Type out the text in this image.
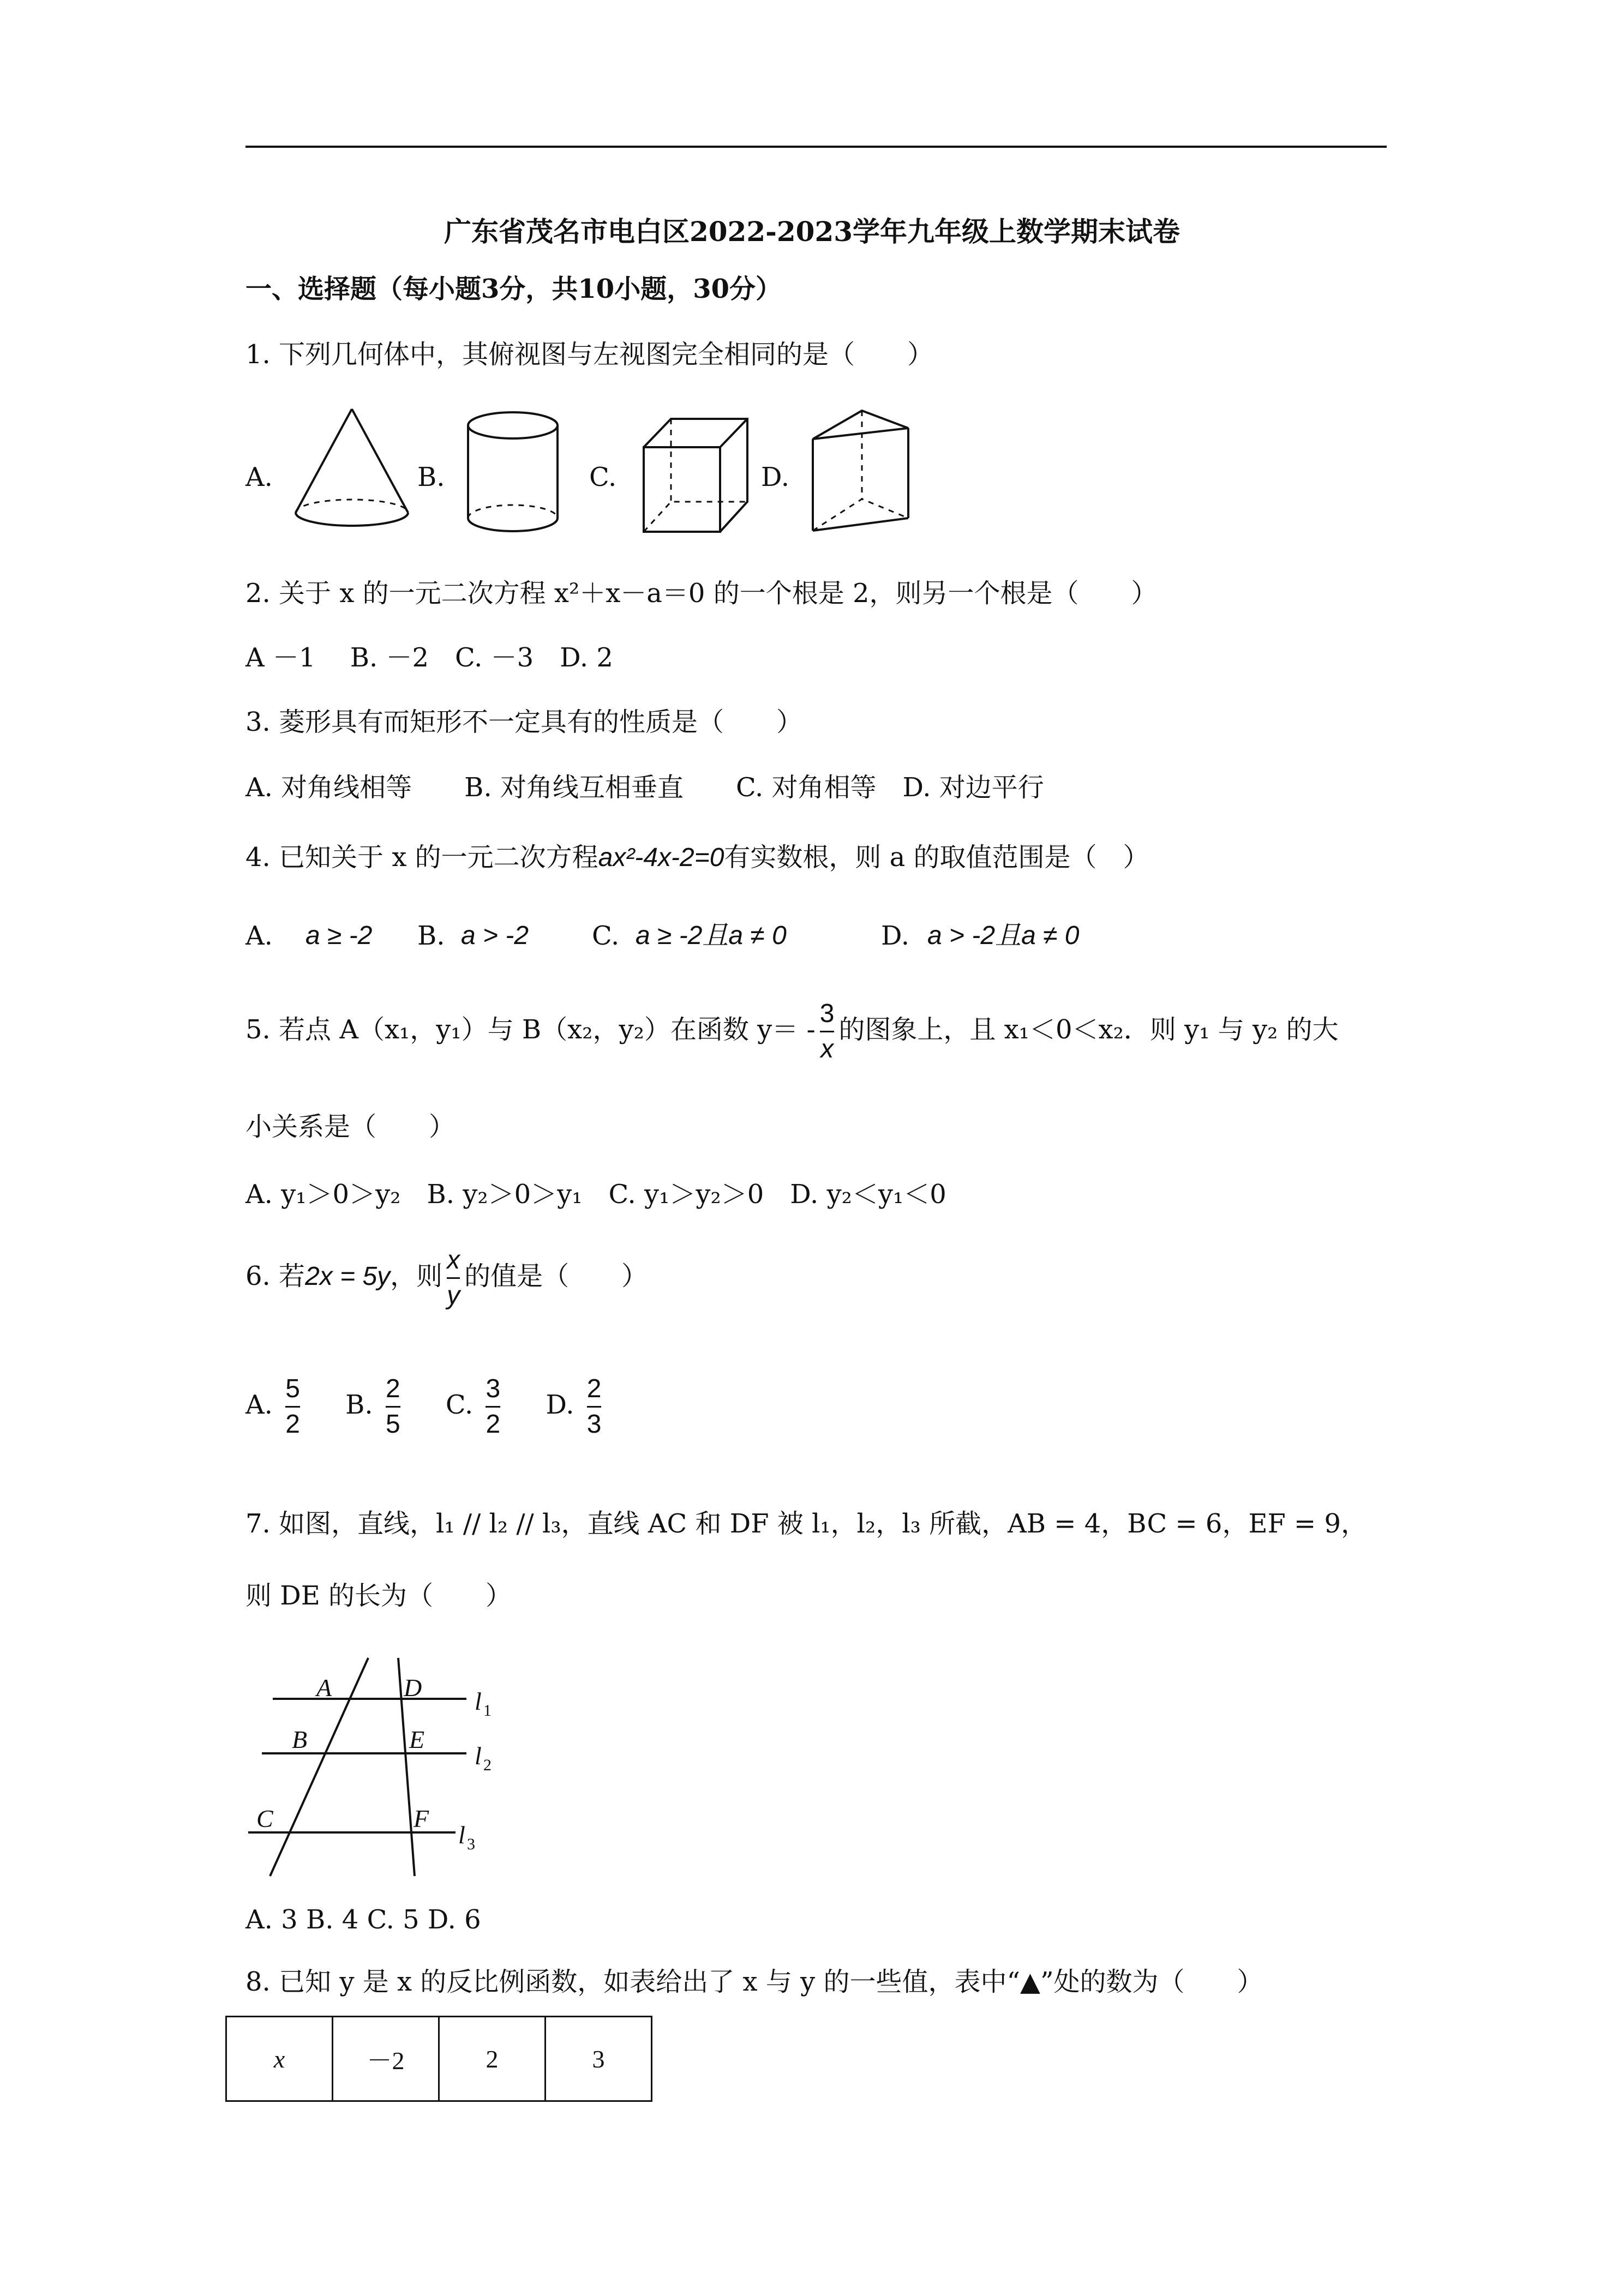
广东省茂名市电白区2022-2023学年九年级上数学期末试卷
一、选择题（每小题3分，共10小题，30分）
1. 下列几何体中，其俯视图与左视图完全相同的是（　　）
A.	B.	C.	D.
2. 关于 x 的一元二次方程 x²＋x－a＝0 的一个根是 2，则另一个根是（　　）
A －1　 B. －2　C. －3　D. 2
3. 菱形具有而矩形不一定具有的性质是（　　）
A. 对角线相等　　B. 对角线互相垂直　　C. 对角相等　D. 对边平行
4. 已知关于 x 的一元二次方程ax²-4x-2=0有实数根，则 a 的取值范围是（　）
A. a ≥ -2 B. a > -2 C. a ≥ -2且a ≠ 0	D. a > -2且a ≠ 0
5. 若点 A（x₁，y₁）与 B（x₂，y₂）在函数 $y= - \frac{3}{x}$ 的图象上，且 x₁＜0＜x₂．则 y₁ 与 y₂ 的大
小关系是（　　）
A. y₁＞0＞y₂　B. y₂＞0＞y₁　C. y₁＞y₂＞0　D. y₂＜y₁＜0
6. 若2x = 5y，则 $\frac{x}{y}$ 的值是（　　）
A. $\frac{5}{2} B$. $\frac{2}{5} C$. $\frac{3}{2} D$. $\frac{2}{3}$
7. 如图，直线，l₁ // l₂ // l₃，直线 AC 和 DF 被 l₁，l₂，l₃ 所截，AB = 4，BC = 6，EF = 9，
则 DE 的长为（　　）
A	D
B	E
C	F
l
l
l
1
2
3
A. 3 B. 4 C. 5 D. 6
8. 已知 y 是 x 的反比例函数，如表给出了 x 与 y 的一些值，表中“▲”处的数为（　　）
x	－2	2	3
